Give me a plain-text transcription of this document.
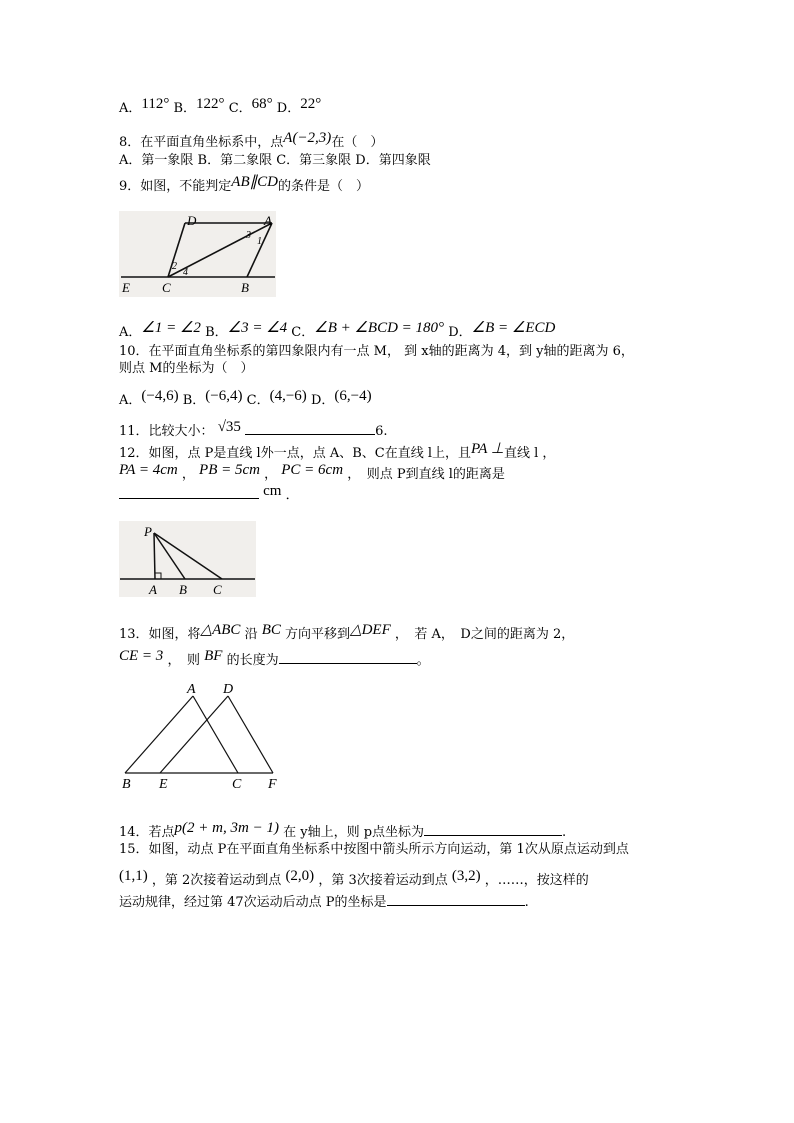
A．112° B．122° C．68° D．22°
8．在平面直角坐标系中，点A(−2,3)在（　）
A．第一象限 B．第二象限 C．第三象限 D．第四象限
9．如图，不能判定AB∥CD的条件是（　）
D	A
E C	B
1
2
3
4
A．∠1 = ∠2 B．∠3 = ∠4 C．∠B + ∠BCD = 180° D．∠B = ∠ECD
10．在平面直角坐标系的第四象限内有一点 M， 到 x轴的距离为 4，到 y轴的距离为 6，
则点 M的坐标为（　）
A．(−4,6) B．(−6,4) C．(4,−6) D．(6,−4)
11．比较大小： √35	6.
12．如图，点 P是直线 l外一点，点 A、B、C在直线 l上，且PA ⊥直线 l ，
PA = 4cm ， PB = 5cm ， PC = 6cm ，　则点 P到直线 l的距离是
cm ．
P
A B C
13．如图，将△ABC 沿 BC 方向平移到△DEF ，　若 A，　D之间的距离为 2，
CE = 3 ，　则 BF 的长度为	。
A D
B E	C F
14．若点p(2 + m, 3m − 1) 在 y轴上，则 p点坐标为	.
15．如图，动点 P在平面直角坐标系中按图中箭头所示方向运动，第 1次从原点运动到点
(1,1) ，第 2次接着运动到点 (2,0) ，第 3次接着运动到点 (3,2) ，……，按这样的
运动规律，经过第 47次运动后动点 P的坐标是	.
